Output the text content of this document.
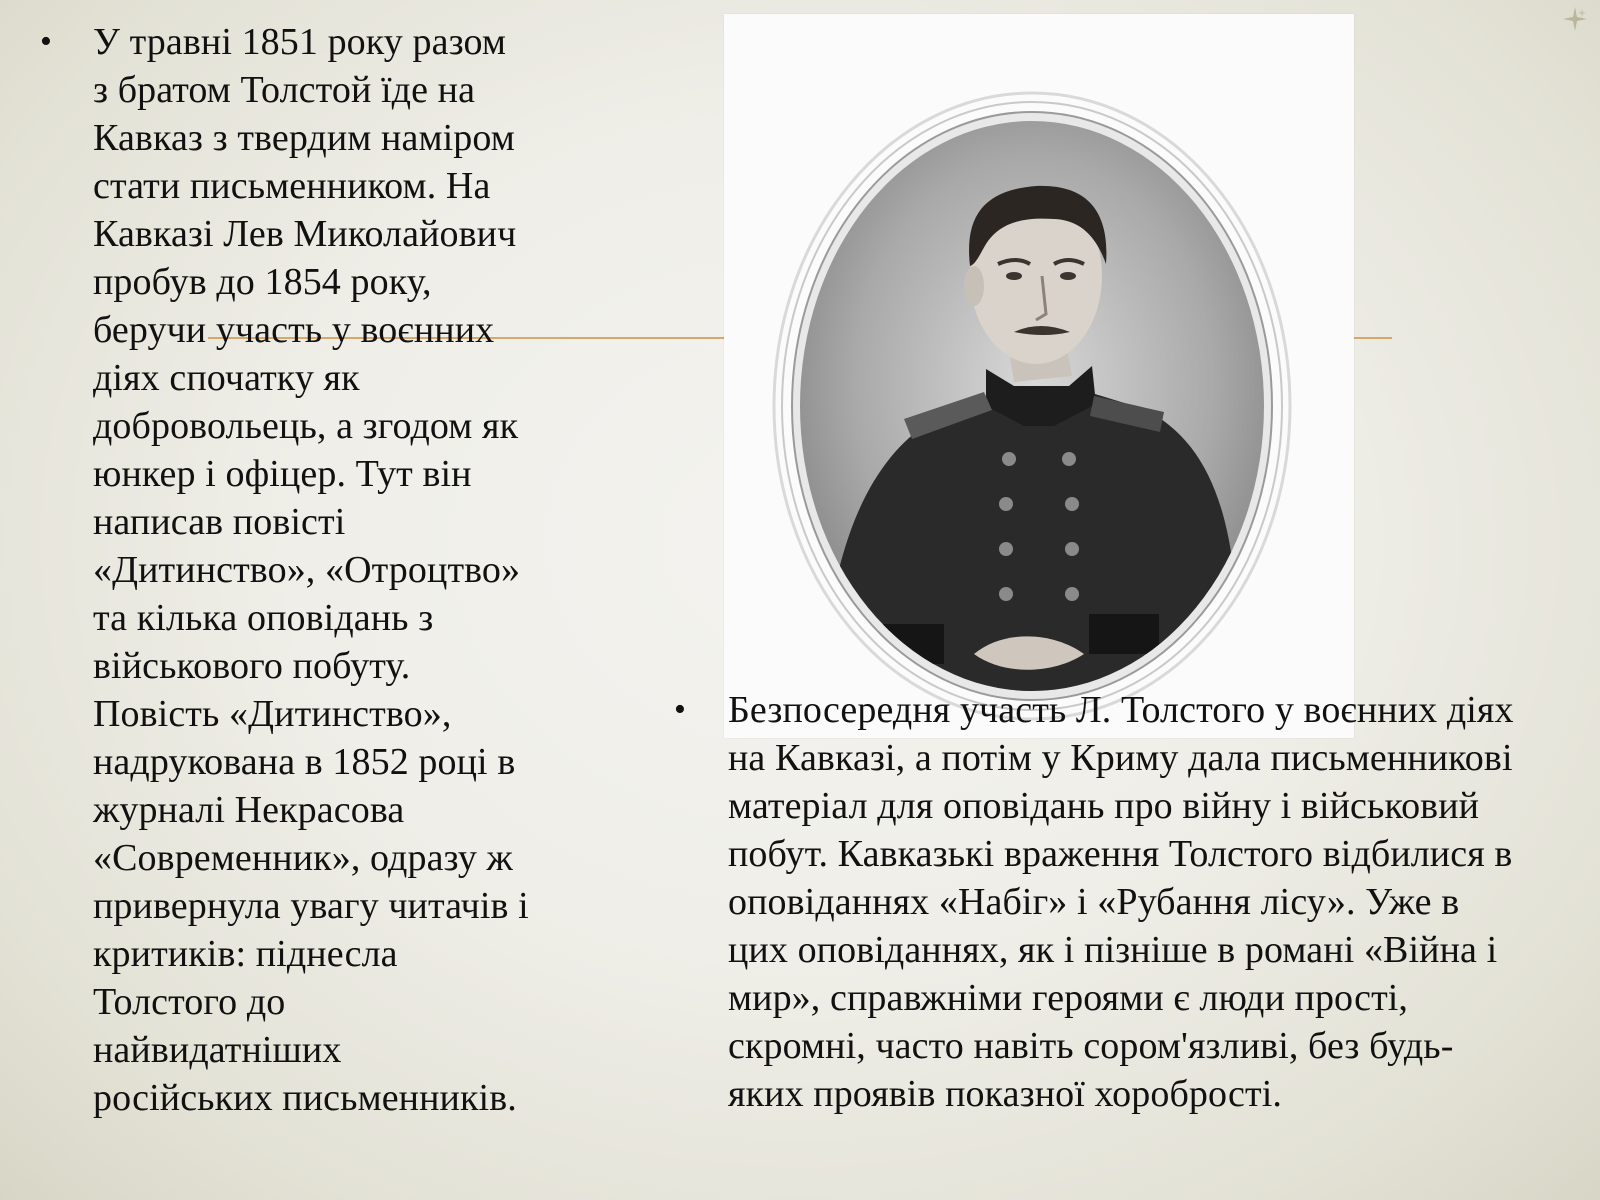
• У травні 1851 року разом
з братом Толстой їде на
Кавказ з твердим наміром
стати письменником. На
Кавказі Лев Миколайович
пробув до 1854 року,
беручи участь у воєнних
діях спочатку як
добровольець, а згодом як
юнкер і офіцер. Тут він
написав повісті
«Дитинство», «Отроцтво»
та кілька оповідань з
військового побуту.
Повість «Дитинство»,
надрукована в 1852 році в
журналі Некрасова
«Современник», одразу ж
привернула увагу читачів і
критиків: піднесла
Толстого до
найвидатніших
російських письменників.
• Безпосередня участь Л. Толстого у воєнних діях
на Кавказі, а потім у Криму дала письменникові
матеріал для оповідань про війну і військовий
побут. Кавказькі враження Толстого відбилися в
оповіданнях «Набіг» і «Рубання лісу». Уже в
цих оповіданнях, як і пізніше в романі «Війна і
мир», справжніми героями є люди прості,
скромні, часто навіть сором'язливі, без будь-
яких проявів показної хоробрості.
